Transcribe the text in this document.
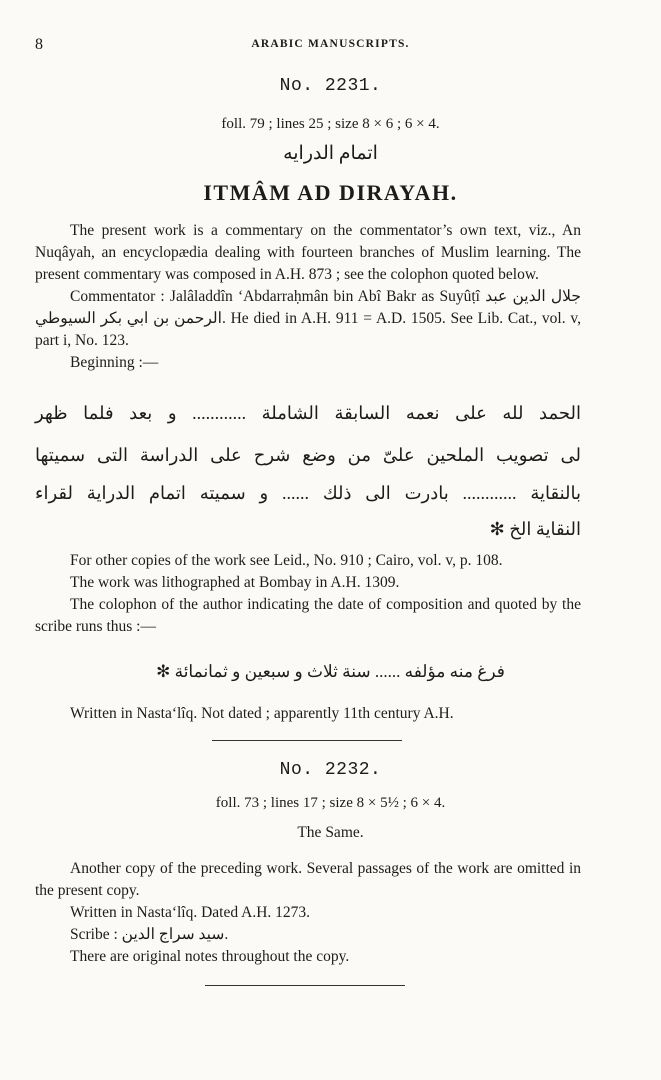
8	ARABIC MANUSCRIPTS.
No. 2231.
foll. 79 ; lines 25 ; size 8 × 6 ; 6 × 4.
اتمام الدرايه
ITMÂM AD DIRAYAH.

The present work is a commentary on the commentator’s own text, viz., An Nuqâyah, an encyclopædia dealing with fourteen branches of Muslim learning. The present commentary was composed in A.H. 873 ; see the colophon quoted below.

Commentator : Jalâladdîn ‘Abdarraḥmân bin Abî Bakr as Suyûṭî جلال الدين عبد الرحمن بن ابي بكر السيوطي. He died in A.H. 911 = A.D. 1505. See Lib. Cat., vol. v, part i, No. 123.

Beginning :—

الحمد لله على نعمه السابقة الشاملة ............ و بعد فلما ظهر
لى تصويب الملحين علىّ من وضع شرح على الدراسة التى سميتها
بالنقاية ............ بادرت الى ذلك ...... و سميته اتمام الدراية لقراء
النقاية الخ ✻

For other copies of the work see Leid., No. 910 ; Cairo, vol. v, p. 108.

The work was lithographed at Bombay in A.H. 1309.

The colophon of the author indicating the date of composition and quoted by the scribe runs thus :—

فرغ منه مؤلفه ...... سنة ثلاث و سبعين و ثمانمائة ✻

Written in Nasta‘lîq. Not dated ; apparently 11th century A.H.

No. 2232.
foll. 73 ; lines 17 ; size 8 × 5½ ; 6 × 4.
The Same.

Another copy of the preceding work. Several passages of the work are omitted in the present copy.

Written in Nasta‘lîq. Dated A.H. 1273.

Scribe : سيد سراج الدين.

There are original notes throughout the copy.
